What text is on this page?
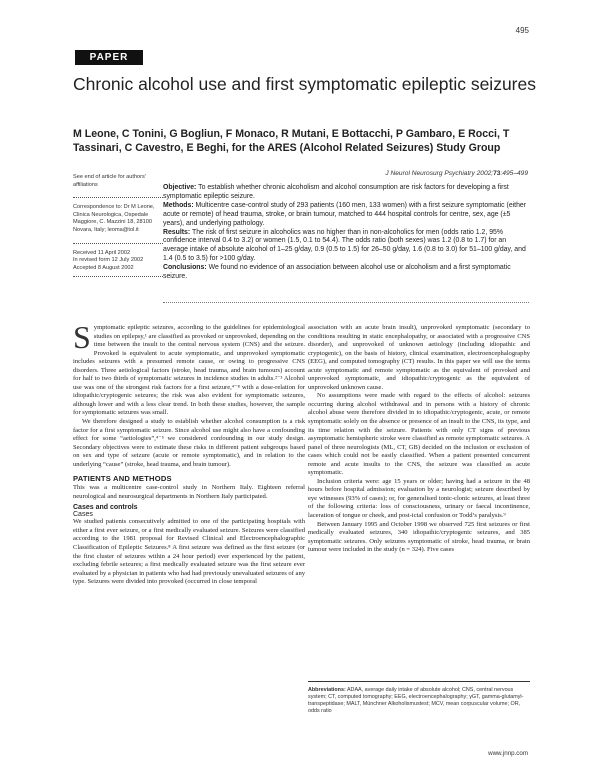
495
PAPER
Chronic alcohol use and first symptomatic epileptic seizures

M Leone, C Tonini, G Bogliun, F Monaco, R Mutani, E Bottacchi, P Gambaro, E Rocci, T Tassinari, C Cavestro, E Beghi, for the ARES (Alcohol Related Seizures) Study Group

See end of article for authors' affiliations

Correspondence to: Dr M Leone, Clinica Neurologica, Ospedale Maggiore, C. Mazzini 18, 28100 Novara, Italy; leoma@tol.it

Received 11 April 2002

In revised form 12 July 2002

Accepted 8 August 2002

J Neurol Neurosurg Psychiatry 2002;73:495–499

Objective: To establish whether chronic alcoholism and alcohol consumption are risk factors for developing a first symptomatic epileptic seizure.

Methods: Multicentre case-control study of 293 patients (160 men, 133 women) with a first seizure symptomatic (either acute or remote) of head trauma, stroke, or brain tumour, matched to 444 hospital controls for centre, sex, age (±5 years), and underlying pathology.

Results: The risk of first seizure in alcoholics was no higher than in non-alcoholics for men (odds ratio 1.2, 95% confidence interval 0.4 to 3.2) or women (1.5, 0.1 to 54.4). The odds ratio (both sexes) was 1.2 (0.8 to 1.7) for an average intake of absolute alcohol of 1–25 g/day, 0.9 (0.5 to 1.5) for 26–50 g/day, 1.6 (0.8 to 3.0) for 51–100 g/day, and 1.4 (0.5 to 3.5) for >100 g/day.

Conclusions: We found no evidence of an association between alcohol use or alcoholism and a first symptomatic seizure.

Symptomatic epileptic seizures, according to the guidelines for epidemiological studies on epilepsy,¹ are classified as provoked or unprovoked, depending on the time between the insult to the central nervous system (CNS) and the seizure. Provoked is equivalent to acute symptomatic, and unprovoked symptomatic includes seizures with a presumed remote cause, or owing to progressive CNS disorders. Three aetiological factors (stroke, head trauma, and brain tumours) account for half to two thirds of symptomatic seizures in incidence studies in adults.²⁻³ Alcohol use was one of the strongest risk factors for a first seizure,⁴⁻⁸ with a dose-relation for idiopathic/cryptogenic seizures; the risk was also evident for symptomatic seizures, although lower and with a less clear trend. In both these studies, however, the sample for symptomatic seizures was small.

We therefore designed a study to establish whether alcohol consumption is a risk factor for a first symptomatic seizure. Since alcohol use might also have a confounding effect for some “aetiologies”,⁴⁻⁵ we considered confounding in our study design. Secondary objectives were to estimate these risks in different patient subgroups based on sex and type of seizure (acute or remote symptomatic), and in relation to the underlying “cause” (stroke, head trauma, and brain tumour).

PATIENTS AND METHODS

This was a multicentre case-control study in Northern Italy. Eighteen referral neurological and neurosurgical departments in Northern Italy participated.

Cases and controls
Cases

We studied patients consecutively admitted to one of the participating hospitals with either a first ever seizure, or a first medically evaluated seizure. Seizures were classified according to the 1981 proposal for Revised Clinical and Electroencephalographic Classification of Epileptic Seizures.⁸ A first seizure was defined as the first seizure (or the first cluster of seizures within a 24 hour period) ever experienced by the patient, excluding febrile seizures; a first medically evaluated seizure was the first seizure ever evaluated by a physician in patients who had had previously unevaluated seizures of any type. Seizures were divided into provoked (occurred in close temporal

association with an acute brain insult), unprovoked symptomatic (secondary to conditions resulting in static encephalopathy, or associated with a progressive CNS disorder), and unprovoked of unknown aetiology (including idiopathic and cryptogenic), on the basis of history, clinical examination, electroencephalography (EEG), and computed tomography (CT) results. In this paper we will use the terms acute symptomatic and remote symptomatic as the equivalent of provoked and unprovoked symptomatic, and idiopathic/cryptogenic as the equivalent of unprovoked unknown cause.

No assumptions were made with regard to the effects of alcohol: seizures occurring during alcohol withdrawal and in persons with a history of chronic alcohol abuse were therefore divided in to idiopathic/cryptogenic, acute, or remote symptomatic solely on the absence or presence of an insult to the CNS, its type, and its time relation with the seizure. Patients with only CT signs of previous asymptomatic hemispheric stroke were classified as remote symptomatic seizures. A panel of three neurologists (ML, CT, GB) decided on the inclusion or exclusion of cases which could not be easily classified. When a patient presented concurrent remote and acute insults to the CNS, the seizure was classified as acute symptomatic.

Inclusion criteria were: age 15 years or older; having had a seizure in the 48 hours before hospital admission; evaluation by a neurologist; seizure described by eye witnesses (93% of cases); or, for generalised tonic-clonic seizures, at least three of the following criteria: loss of consciousness, urinary or faecal incontinence, laceration of tongue or cheek, and post-ictal confusion or Todd’s paralysis.⁹

Between January 1995 and October 1998 we observed 725 first seizures or first medically evaluated seizures, 340 idiopathic/cryptogenic seizures, and 385 symptomatic seizures. Only seizures symptomatic of stroke, head trauma, or brain tumour were included in the study (n = 324). Five cases

Abbreviations: ADAA, average daily intake of absolute alcohol; CNS, central nervous system; CT, computed tomography; EEG, electroencephalography; γGT, gamma-glutamyl-transpeptidase; MALT, Münchner Alkoholismustest; MCV, mean corpuscular volume; OR, odds ratio

www.jnnp.com
